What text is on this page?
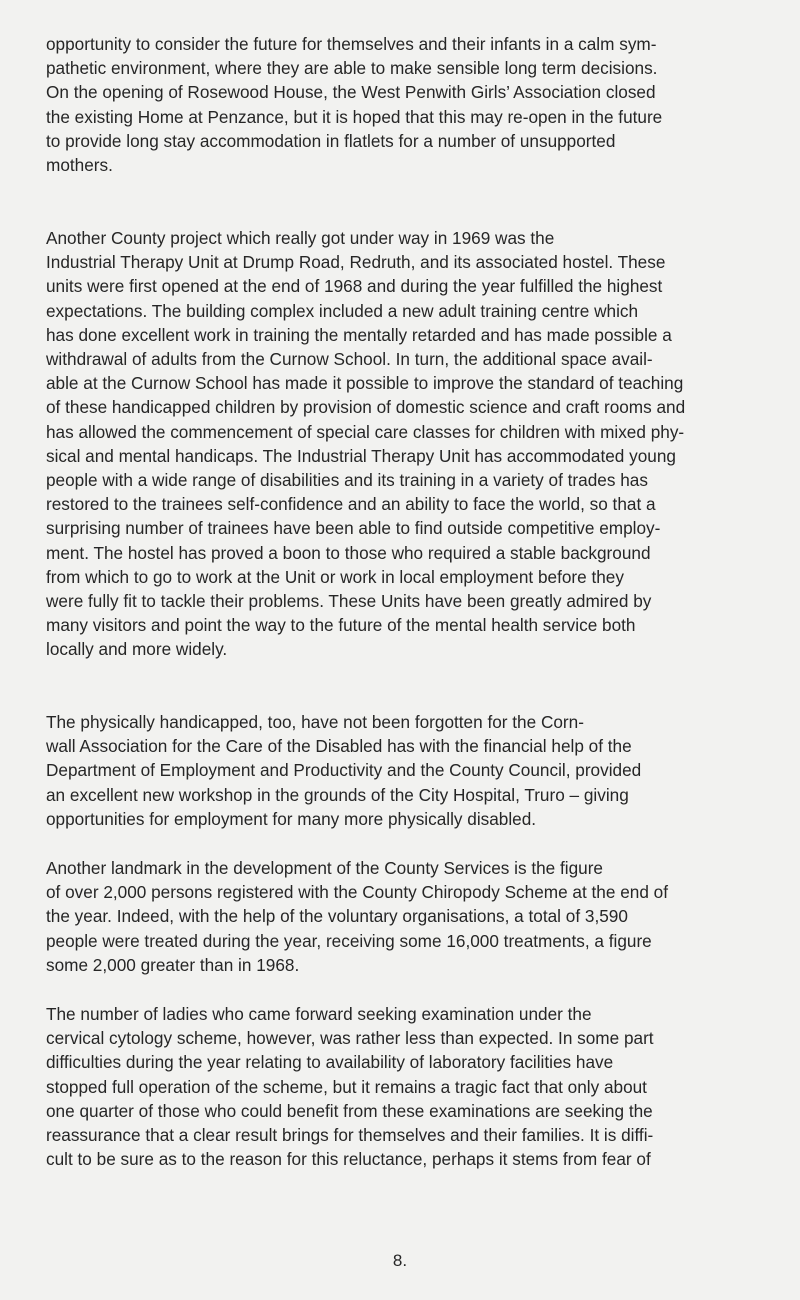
opportunity to consider the future for themselves and their infants in a calm sym-
pathetic environment, where they are able to make sensible long term decisions.
On the opening of Rosewood House, the West Penwith Girls’ Association closed
the existing Home at Penzance, but it is hoped that this may re-open in the future
to provide long stay accommodation in flatlets for a number of unsupported
mothers.

Another County project which really got under way in 1969 was the
Industrial Therapy Unit at Drump Road, Redruth, and its associated hostel. These
units were first opened at the end of 1968 and during the year fulfilled the highest
expectations. The building complex included a new adult training centre which
has done excellent work in training the mentally retarded and has made possible a
withdrawal of adults from the Curnow School. In turn, the additional space avail-
able at the Curnow School has made it possible to improve the standard of teaching
of these handicapped children by provision of domestic science and craft rooms and
has allowed the commencement of special care classes for children with mixed phy-
sical and mental handicaps. The Industrial Therapy Unit has accommodated young
people with a wide range of disabilities and its training in a variety of trades has
restored to the trainees self-confidence and an ability to face the world, so that a
surprising number of trainees have been able to find outside competitive employ-
ment. The hostel has proved a boon to those who required a stable background
from which to go to work at the Unit or work in local employment before they
were fully fit to tackle their problems. These Units have been greatly admired by
many visitors and point the way to the future of the mental health service both
locally and more widely.

The physically handicapped, too, have not been forgotten for the Corn-
wall Association for the Care of the Disabled has with the financial help of the
Department of Employment and Productivity and the County Council, provided
an excellent new workshop in the grounds of the City Hospital, Truro – giving
opportunities for employment for many more physically disabled.

Another landmark in the development of the County Services is the figure
of over 2,000 persons registered with the County Chiropody Scheme at the end of
the year. Indeed, with the help of the voluntary organisations, a total of 3,590
people were treated during the year, receiving some 16,000 treatments, a figure
some 2,000 greater than in 1968.

The number of ladies who came forward seeking examination under the
cervical cytology scheme, however, was rather less than expected. In some part
difficulties during the year relating to availability of laboratory facilities have
stopped full operation of the scheme, but it remains a tragic fact that only about
one quarter of those who could benefit from these examinations are seeking the
reassurance that a clear result brings for themselves and their families. It is diffi-
cult to be sure as to the reason for this reluctance, perhaps it stems from fear of

8.
